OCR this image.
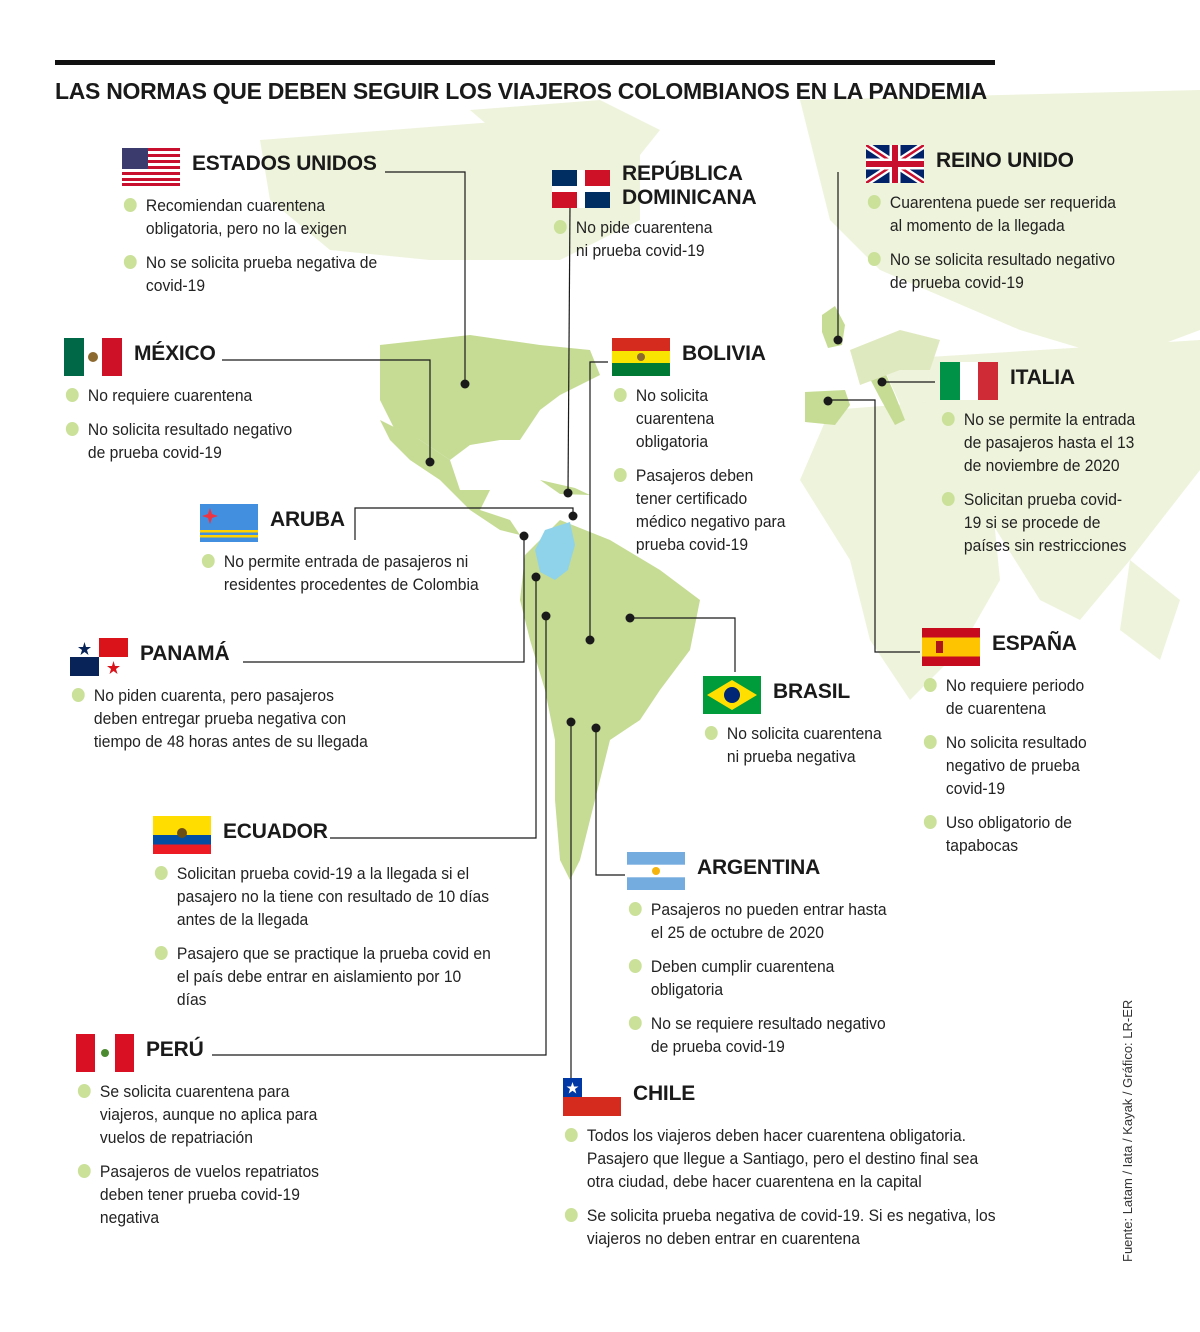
LAS NORMAS QUE DEBEN SEGUIR LOS VIAJEROS COLOMBIANOS EN LA PANDEMIA
ESTADOS UNIDOS
Recomiendan cuarentena obligatoria, pero no la exigen
No se solicita prueba negativa de covid-19
REPÚBLICA DOMINICANA
No pide cuarentena ni prueba covid-19
REINO UNIDO
Cuarentena puede ser requerida al momento de la llegada
No se solicita resultado negativo de prueba covid-19
MÉXICO
No requiere cuarentena
No solicita resultado negativo de prueba covid-19
BOLIVIA
No solicita cuarentena obligatoria
Pasajeros deben tener certificado médico negativo para prueba covid-19
ITALIA
No se permite la entrada de pasajeros hasta el 13 de noviembre de 2020
Solicitan prueba covid-19 si se procede de países sin restricciones
ARUBA
No permite entrada de pasajeros ni residentes procedentes de Colombia
PANAMÁ
No piden cuarenta, pero pasajeros deben entregar prueba negativa con tiempo de 48 horas antes de su llegada
ESPAÑA
No requiere periodo de cuarentena
No solicita resultado negativo de prueba covid-19
Uso obligatorio de tapabocas
BRASIL
No solicita cuarentena ni prueba negativa
ECUADOR
Solicitan prueba covid-19 a la llegada si el pasajero no la tiene con resultado de 10 días antes de la llegada
Pasajero que se practique la prueba covid en el país debe entrar en aislamiento por 10 días
ARGENTINA
Pasajeros no pueden entrar hasta el 25 de octubre de 2020
Deben cumplir cuarentena obligatoria
No se requiere resultado negativo de prueba covid-19
PERÚ
Se solicita cuarentena para viajeros, aunque no aplica para vuelos de repatriación
Pasajeros de vuelos repatriatos deben tener prueba covid-19 negativa
CHILE
Todos los viajeros deben hacer cuarentena obligatoria. Pasajero que llegue a Santiago, pero el destino final sea otra ciudad, debe hacer cuarentena en la capital
Se solicita prueba negativa de covid-19. Si es negativa, los viajeros no deben entrar en cuarentena	Fuente: Latam / Iata / Kayak / Gráfico: LR-ER
